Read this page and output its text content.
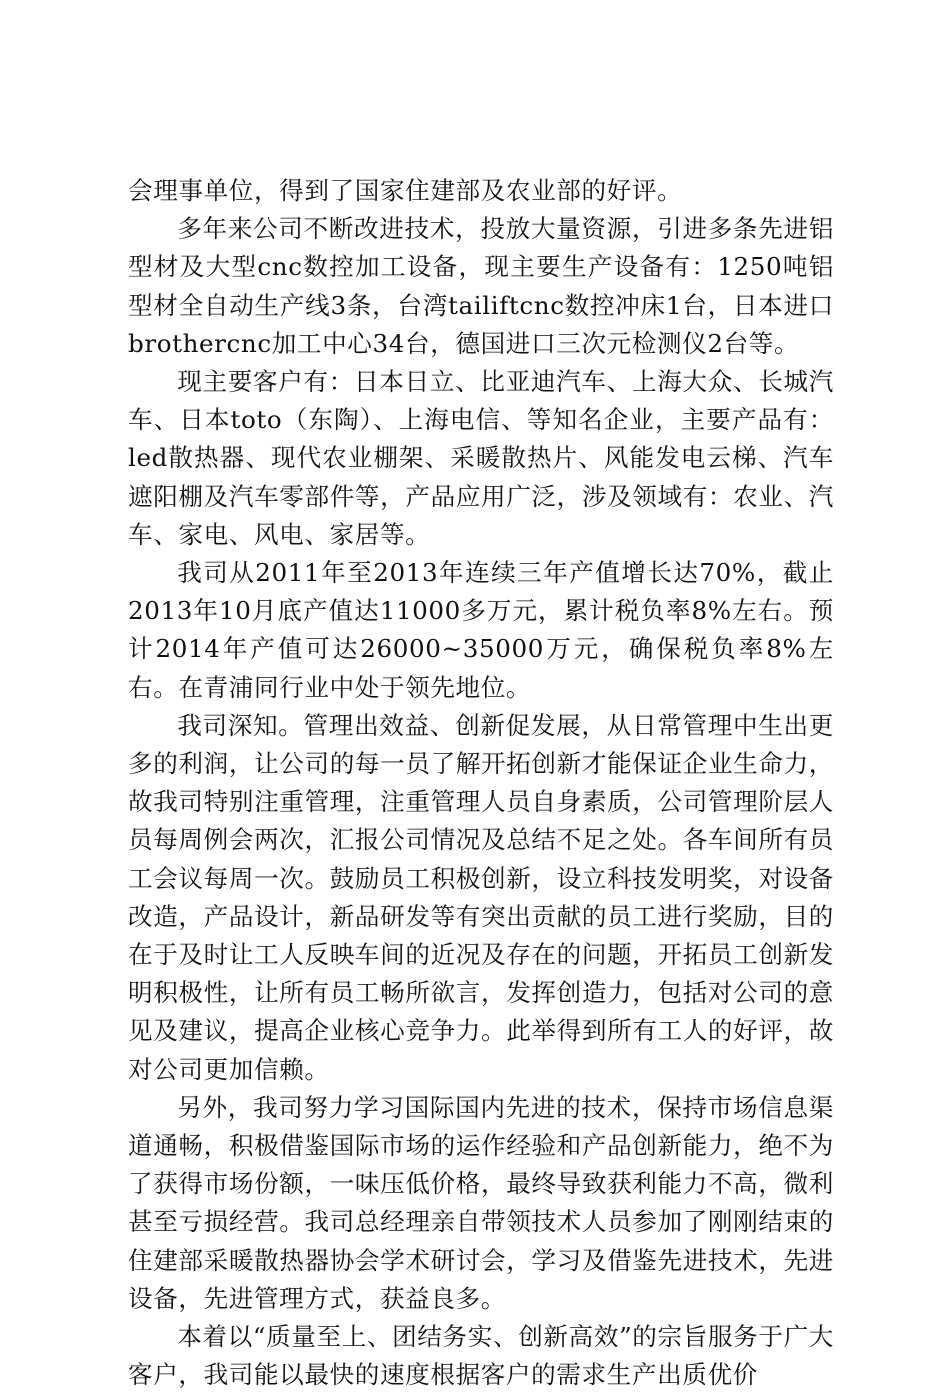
会理事单位，得到了国家住建部及农业部的好评。

多年来公司不断改进技术，投放大量资源，引进多条先进铝型材及大型cnc数控加工设备，现主要生产设备有：1250吨铝型材全自动生产线3条，台湾tailiftcnc数控冲床1台，日本进口brothercnc加工中心34台，德国进口三次元检测仪2台等。

现主要客户有：日本日立、比亚迪汽车、上海大众、长城汽车、日本toto（东陶）、上海电信、等知名企业，主要产品有：led散热器、现代农业棚架、采暖散热片、风能发电云梯、汽车遮阳棚及汽车零部件等，产品应用广泛，涉及领域有：农业、汽车、家电、风电、家居等。

我司从2011年至2013年连续三年产值增长达70%，截止2013年10月底产值达11000多万元，累计税负率8%左右。预计2014年产值可达26000~35000万元，确保税负率8%左右。在青浦同行业中处于领先地位。

我司深知。管理出效益、创新促发展，从日常管理中生出更多的利润，让公司的每一员了解开拓创新才能保证企业生命力，故我司特别注重管理，注重管理人员自身素质，公司管理阶层人员每周例会两次，汇报公司情况及总结不足之处。各车间所有员工会议每周一次。鼓励员工积极创新，设立科技发明奖，对设备改造，产品设计，新品研发等有突出贡献的员工进行奖励，目的在于及时让工人反映车间的近况及存在的问题，开拓员工创新发明积极性，让所有员工畅所欲言，发挥创造力，包括对公司的意见及建议，提高企业核心竞争力。此举得到所有工人的好评，故对公司更加信赖。

另外，我司努力学习国际国内先进的技术，保持市场信息渠道通畅，积极借鉴国际市场的运作经验和产品创新能力，绝不为了获得市场份额，一味压低价格，最终导致获利能力不高，微利甚至亏损经营。我司总经理亲自带领技术人员参加了刚刚结束的住建部采暖散热器协会学术研讨会，学习及借鉴先进技术，先进设备，先进管理方式，获益良多。

本着以“质量至上、团结务实、创新高效”的宗旨服务于广大客户，我司能以最快的速度根据客户的需求生产出质优价
